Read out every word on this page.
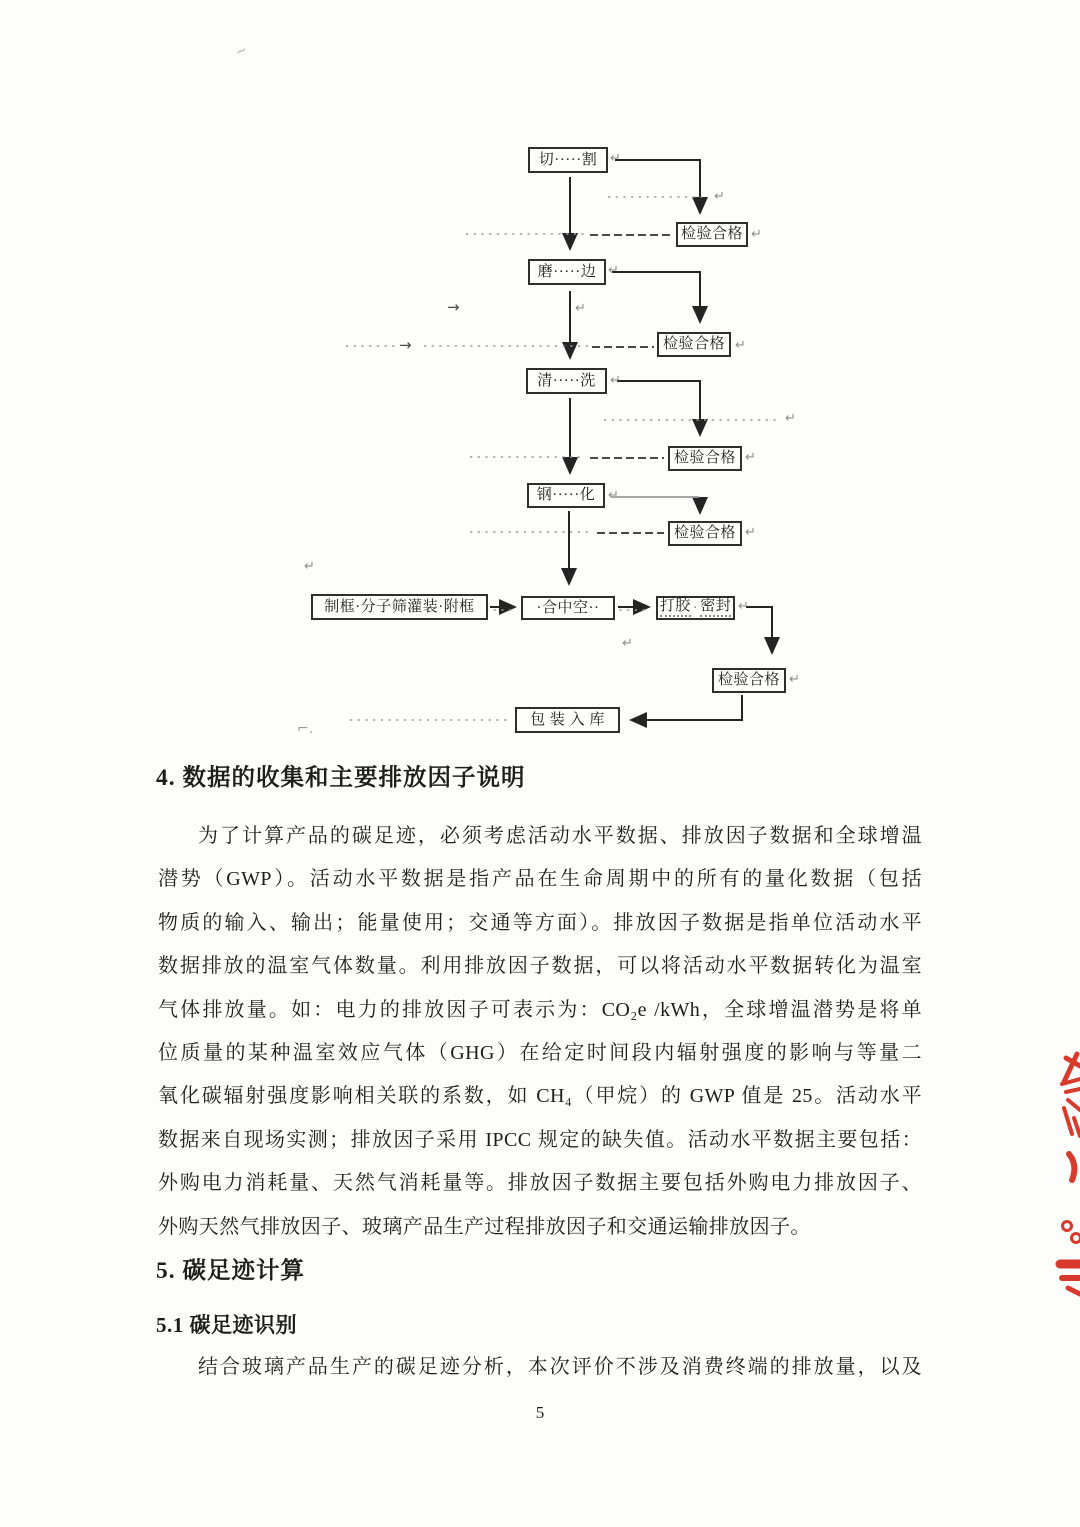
~
切·····割
检验合格
磨·····边
检验合格
清·····洗
检验合格
钢·····化
检验合格
制框·分子筛灌装·附框	·合中空··	打胶 · 密封
检验合格
包 装 入 库
↵
↵
↵
↵
↵
↵
↵
↵
↵
↵
↵
↵
↵
↵
↵
→
→
⌐.
4. 数据的收集和主要排放因子说明
为了计算产品的碳足迹，必须考虑活动水平数据、排放因子数据和全球增温
潜势（GWP）。活动水平数据是指产品在生命周期中的所有的量化数据（包括
物质的输入、输出；能量使用；交通等方面）。排放因子数据是指单位活动水平
数据排放的温室气体数量。利用排放因子数据，可以将活动水平数据转化为温室
气体排放量。如：电力的排放因子可表示为：CO₂e /kWh，全球增温潜势是将单
位质量的某种温室效应气体（GHG）在给定时间段内辐射强度的影响与等量二
氧化碳辐射强度影响相关联的系数，如 CH₄（甲烷）的 GWP 值是 25。活动水平
数据来自现场实测；排放因子采用 IPCC 规定的缺失值。活动水平数据主要包括：
外购电力消耗量、天然气消耗量等。排放因子数据主要包括外购电力排放因子、
外购天然气排放因子、玻璃产品生产过程排放因子和交通运输排放因子。
5. 碳足迹计算
5.1 碳足迹识别
结合玻璃产品生产的碳足迹分析，本次评价不涉及消费终端的排放量，以及
5
